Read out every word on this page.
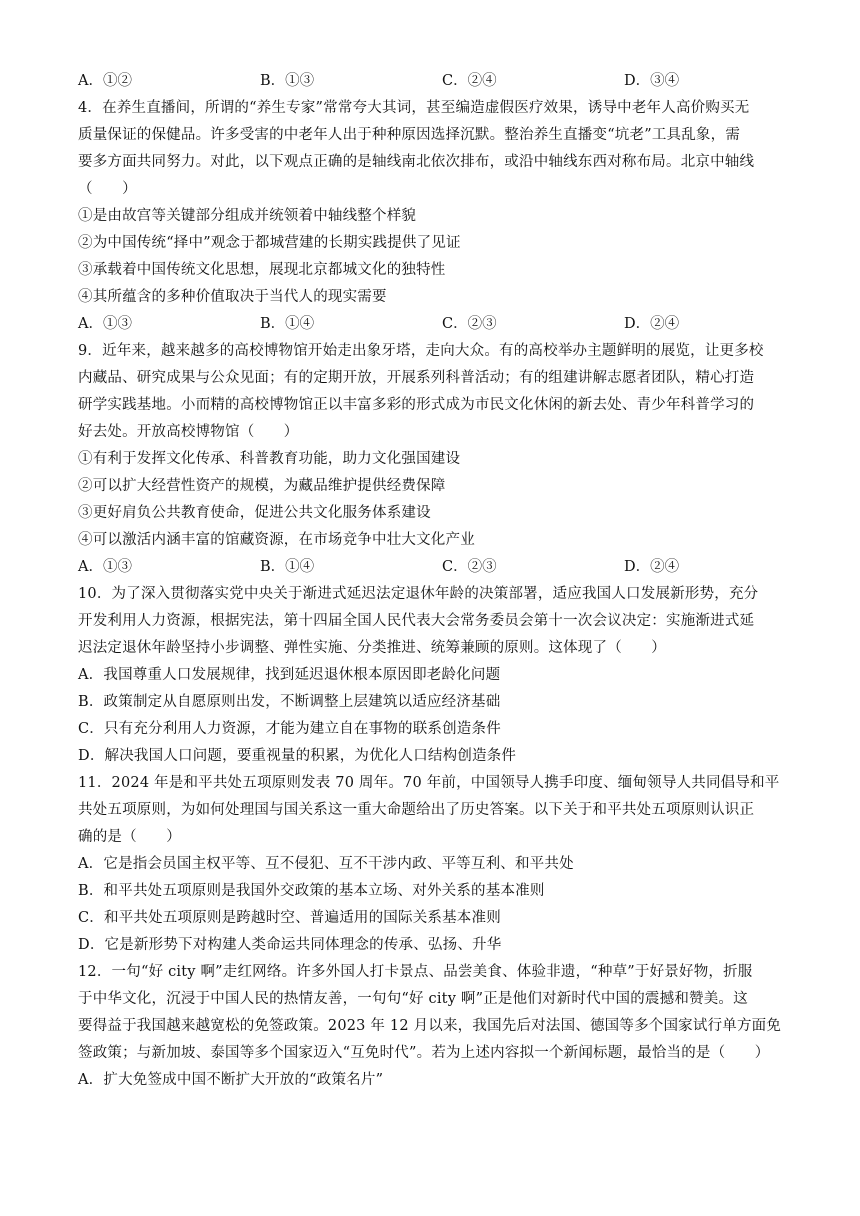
A．①②	B．①③	C．②④	D．③④
4．在养生直播间，所谓的“养生专家”常常夸大其词，甚至编造虚假医疗效果，诱导中老年人高价购买无
质量保证的保健品。许多受害的中老年人出于种种原因选择沉默。整治养生直播变“坑老”工具乱象，需
要多方面共同努力。对此，以下观点正确的是轴线南北依次排布，或沿中轴线东西对称布局。北京中轴线
（　　）
①是由故宫等关键部分组成并统领着中轴线整个样貌
②为中国传统“择中”观念于都城营建的长期实践提供了见证
③承载着中国传统文化思想，展现北京都城文化的独特性
④其所蕴含的多种价值取决于当代人的现实需要
A．①③	B．①④	C．②③	D．②④
9．近年来，越来越多的高校博物馆开始走出象牙塔，走向大众。有的高校举办主题鲜明的展览，让更多校
内藏品、研究成果与公众见面；有的定期开放，开展系列科普活动；有的组建讲解志愿者团队，精心打造
研学实践基地。小而精的高校博物馆正以丰富多彩的形式成为市民文化休闲的新去处、青少年科普学习的
好去处。开放高校博物馆（　　）
①有利于发挥文化传承、科普教育功能，助力文化强国建设
②可以扩大经营性资产的规模，为藏品维护提供经费保障
③更好肩负公共教育使命，促进公共文化服务体系建设
④可以激活内涵丰富的馆藏资源，在市场竞争中壮大文化产业
A．①③	B．①④	C．②③	D．②④
10．为了深入贯彻落实党中央关于渐进式延迟法定退休年龄的决策部署，适应我国人口发展新形势，充分
开发利用人力资源，根据宪法，第十四届全国人民代表大会常务委员会第十一次会议决定：实施渐进式延
迟法定退休年龄坚持小步调整、弹性实施、分类推进、统筹兼顾的原则。这体现了（　　）
A．我国尊重人口发展规律，找到延迟退休根本原因即老龄化问题
B．政策制定从自愿原则出发，不断调整上层建筑以适应经济基础
C．只有充分利用人力资源，才能为建立自在事物的联系创造条件
D．解决我国人口问题，要重视量的积累，为优化人口结构创造条件
11．2024 年是和平共处五项原则发表 70 周年。70 年前，中国领导人携手印度、缅甸领导人共同倡导和平
共处五项原则，为如何处理国与国关系这一重大命题给出了历史答案。以下关于和平共处五项原则认识正
确的是（　　）
A．它是指会员国主权平等、互不侵犯、互不干涉内政、平等互利、和平共处
B．和平共处五项原则是我国外交政策的基本立场、对外关系的基本准则
C．和平共处五项原则是跨越时空、普遍适用的国际关系基本准则
D．它是新形势下对构建人类命运共同体理念的传承、弘扬、升华
12．一句“好 city 啊”走红网络。许多外国人打卡景点、品尝美食、体验非遗，“种草”于好景好物，折服
于中华文化，沉浸于中国人民的热情友善，一句句“好 city 啊”正是他们对新时代中国的震撼和赞美。这
要得益于我国越来越宽松的免签政策。2023 年 12 月以来，我国先后对法国、德国等多个国家试行单方面免
签政策；与新加坡、泰国等多个国家迈入“互免时代”。若为上述内容拟一个新闻标题，最恰当的是（　　）
A．扩大免签成中国不断扩大开放的“政策名片”
